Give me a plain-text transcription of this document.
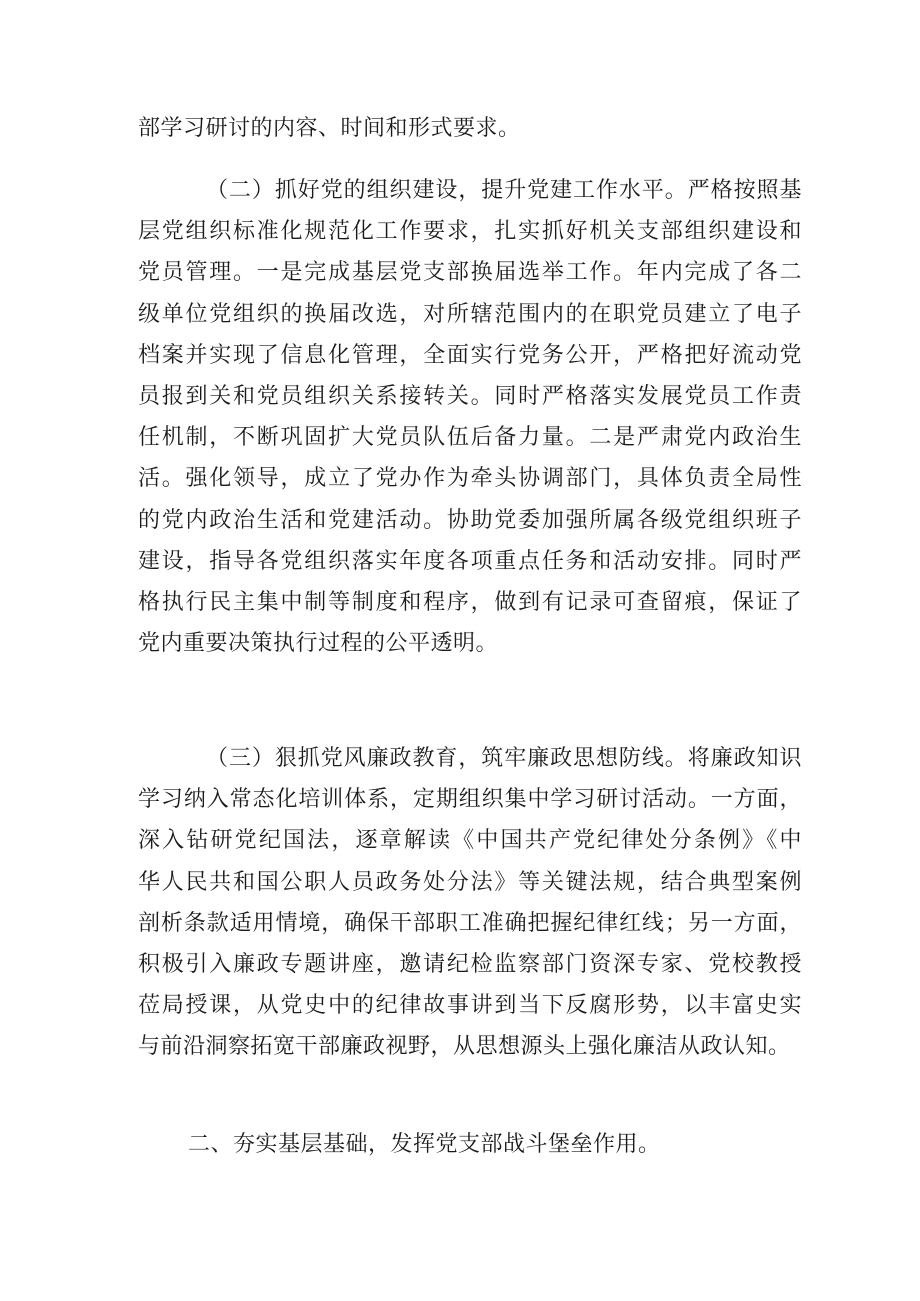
部学习研讨的内容、时间和形式要求。
（二）抓好党的组织建设，提升党建工作水平。严格按照基
层党组织标准化规范化工作要求，扎实抓好机关支部组织建设和
党员管理。一是完成基层党支部换届选举工作。年内完成了各二
级单位党组织的换届改选，对所辖范围内的在职党员建立了电子
档案并实现了信息化管理，全面实行党务公开，严格把好流动党
员报到关和党员组织关系接转关。同时严格落实发展党员工作责
任机制，不断巩固扩大党员队伍后备力量。二是严肃党内政治生
活。强化领导，成立了党办作为牵头协调部门，具体负责全局性
的党内政治生活和党建活动。协助党委加强所属各级党组织班子
建设，指导各党组织落实年度各项重点任务和活动安排。同时严
格执行民主集中制等制度和程序，做到有记录可查留痕，保证了
党内重要决策执行过程的公平透明。
（三）狠抓党风廉政教育，筑牢廉政思想防线。将廉政知识
学习纳入常态化培训体系，定期组织集中学习研讨活动。一方面，
深入钻研党纪国法，逐章解读《中国共产党纪律处分条例》《中
华人民共和国公职人员政务处分法》等关键法规，结合典型案例
剖析条款适用情境，确保干部职工准确把握纪律红线；另一方面，
积极引入廉政专题讲座，邀请纪检监察部门资深专家、党校教授
莅局授课，从党史中的纪律故事讲到当下反腐形势，以丰富史实
与前沿洞察拓宽干部廉政视野，从思想源头上强化廉洁从政认知。
二、夯实基层基础，发挥党支部战斗堡垒作用。
